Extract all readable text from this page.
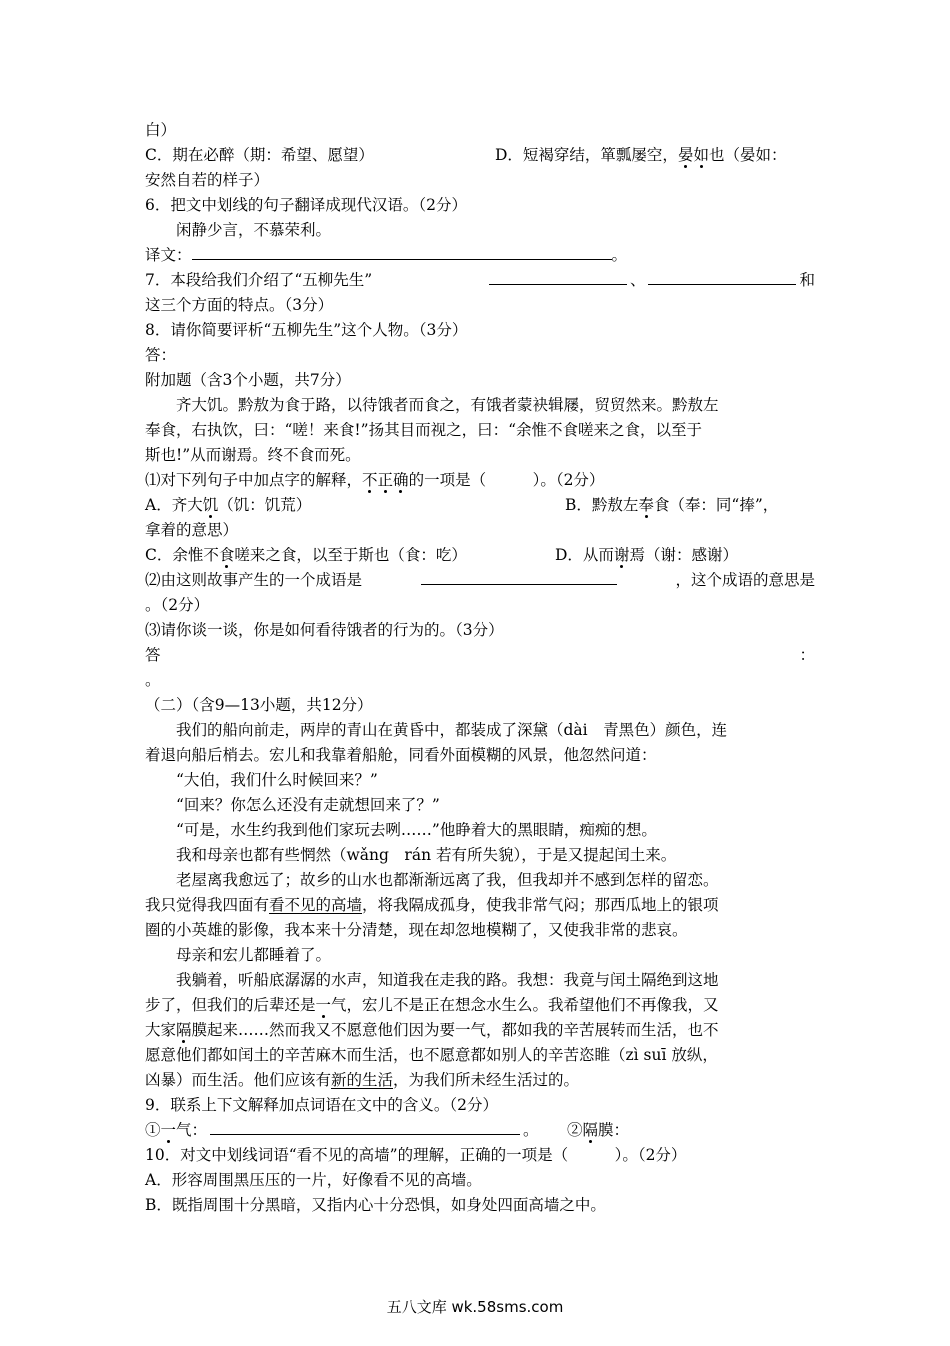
白）
C．期在必醉（期：希望、愿望）	D．短褐穿结，箪瓢屡空，晏如也（晏如：
安然自若的样子）
6．把文中划线的句子翻译成现代汉语。（2分）
闲静少言，不慕荣利。
译文：	。
7．本段给我们介绍了“五柳先生”	、	和
这三个方面的特点。（3分）
8．请你简要评析“五柳先生”这个人物。（3分）
答：
附加题（含3个小题，共7分）
齐大饥。黔敖为食于路，以待饿者而食之，有饿者蒙袂辑屦，贸贸然来。黔敖左
奉食，右执饮，曰：“嗟！来食!”扬其目而视之，曰：“余惟不食嗟来之食，以至于
斯也!”从而谢焉。终不食而死。
⑴对下列句子中加点字的解释，不正确的一项是（　　　）。（2分）
A．齐大饥（饥：饥荒）	B．黔敖左奉食（奉：同“捧”，
拿着的意思）
C．余惟不食嗟来之食，以至于斯也（食：吃）	D．从而谢焉（谢：感谢）
⑵由这则故事产生的一个成语是	，这个成语的意思是
。（2分）
⑶请你谈一谈，你是如何看待饿者的行为的。（3分）
答	：
。
（二）（含9—13小题，共12分）
我们的船向前走，两岸的青山在黄昏中，都装成了深黛（dài　青黑色）颜色，连
着退向船后梢去。宏儿和我靠着船舱，同看外面模糊的风景，他忽然问道：
“大伯，我们什么时候回来？”
“回来？你怎么还没有走就想回来了？”
“可是，水生约我到他们家玩去咧……”他睁着大的黑眼睛，痴痴的想。
我和母亲也都有些惘然（wǎng　rán 若有所失貌），于是又提起闰土来。
老屋离我愈远了；故乡的山水也都渐渐远离了我，但我却并不感到怎样的留恋。
我只觉得我四面有看不见的高墙，将我隔成孤身，使我非常气闷；那西瓜地上的银项
圈的小英雄的影像，我本来十分清楚，现在却忽地模糊了，又使我非常的悲哀。
母亲和宏儿都睡着了。
我躺着，听船底潺潺的水声，知道我在走我的路。我想：我竟与闰土隔绝到这地
步了，但我们的后辈还是一气，宏儿不是正在想念水生么。我希望他们不再像我，又
大家隔膜起来……然而我又不愿意他们因为要一气，都如我的辛苦展转而生活，也不
愿意他们都如闰土的辛苦麻木而生活，也不愿意都如别人的辛苦恣睢（zì suī 放纵，
凶暴）而生活。他们应该有新的生活，为我们所未经生活过的。
9．联系上下文解释加点词语在文中的含义。（2分）
①一气：	。 ②隔膜：
10．对文中划线词语“看不见的高墙”的理解，正确的一项是（　　　）。（2分）
A．形容周围黑压压的一片，好像看不见的高墙。
B．既指周围十分黑暗，又指内心十分恐惧，如身处四面高墙之中。
五八文库 wk.58sms.com
